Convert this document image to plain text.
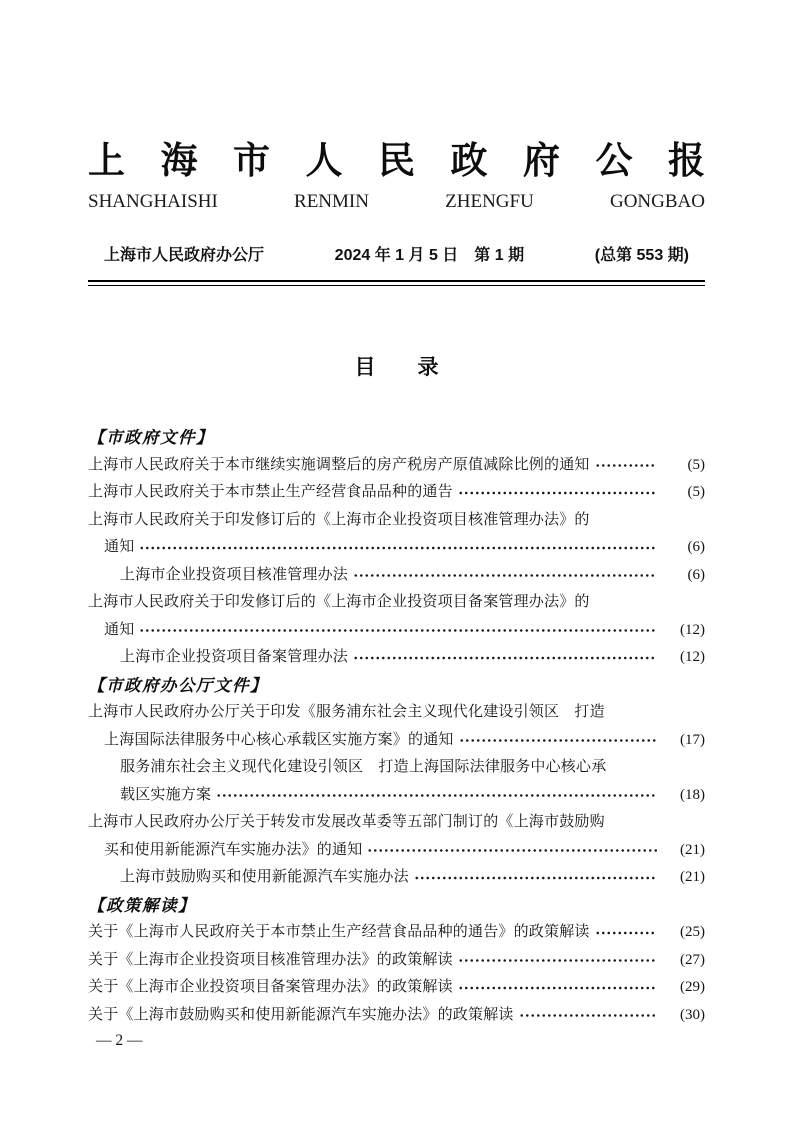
上 海 市 人 民 政 府 公 报
SHANGHAISHI	RENMIN	ZHENGFU	GONGBAO
上海市人民政府办公厅	2024 年 1 月 5 日　第 1 期	(总第 553 期)
目　　录
【市政府文件】
上海市人民政府关于本市继续实施调整后的房产税房产原值减除比例的通知	(5)
上海市人民政府关于本市禁止生产经营食品品种的通告	(5)
上海市人民政府关于印发修订后的《上海市企业投资项目核准管理办法》的
通知	(6)
上海市企业投资项目核准管理办法	(6)
上海市人民政府关于印发修订后的《上海市企业投资项目备案管理办法》的
通知	(12)
上海市企业投资项目备案管理办法	(12)
【市政府办公厅文件】
上海市人民政府办公厅关于印发《服务浦东社会主义现代化建设引领区　打造
上海国际法律服务中心核心承载区实施方案》的通知	(17)
服务浦东社会主义现代化建设引领区　打造上海国际法律服务中心核心承
载区实施方案	(18)
上海市人民政府办公厅关于转发市发展改革委等五部门制订的《上海市鼓励购
买和使用新能源汽车实施办法》的通知	(21)
上海市鼓励购买和使用新能源汽车实施办法	(21)
【政策解读】
关于《上海市人民政府关于本市禁止生产经营食品品种的通告》的政策解读	(25)
关于《上海市企业投资项目核准管理办法》的政策解读	(27)
关于《上海市企业投资项目备案管理办法》的政策解读	(29)
关于《上海市鼓励购买和使用新能源汽车实施办法》的政策解读	(30)
— 2 —
